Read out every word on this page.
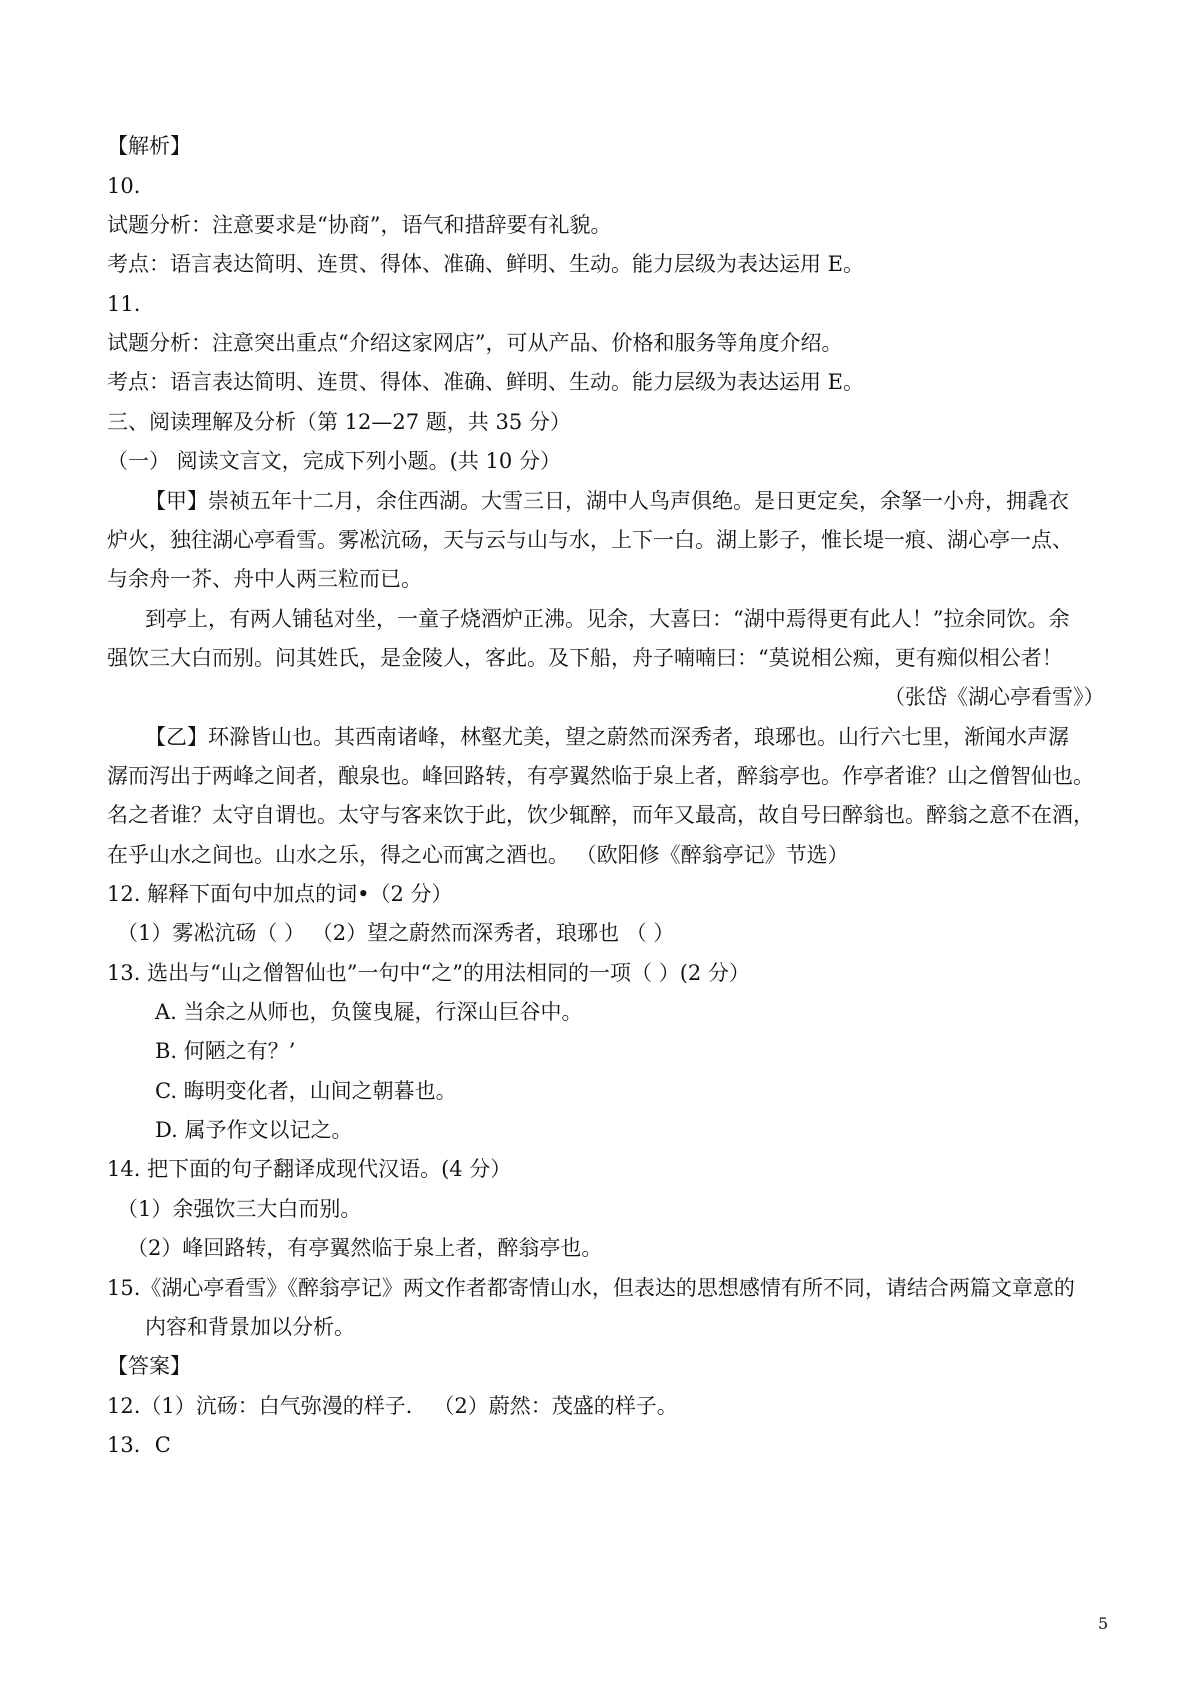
【解析】
10.
试题分析：注意要求是“协商”，语气和措辞要有礼貌。
考点：语言表达简明、连贯、得体、准确、鲜明、生动。能力层级为表达运用 E。
11.
试题分析：注意突出重点“介绍这家网店”，可从产品、价格和服务等角度介绍。
考点：语言表达简明、连贯、得体、准确、鲜明、生动。能力层级为表达运用 E。
三、阅读理解及分析（第 12—27 题，共 35 分）
（一） 阅读文言文，完成下列小题。(共 10 分）
【甲】崇祯五年十二月，余住西湖。大雪三日，湖中人鸟声俱绝。是日更定矣，余拏一小舟，拥毳衣
炉火，独往湖心亭看雪。雾凇沆砀，天与云与山与水，上下一白。湖上影子，惟长堤一痕、湖心亭一点、
与余舟一芥、舟中人两三粒而已。
到亭上，有两人铺毡对坐，一童子烧酒炉正沸。见余，大喜曰：“湖中焉得更有此人！”拉余同饮。余
强饮三大白而别。问其姓氏，是金陵人，客此。及下船，舟子喃喃曰：“莫说相公痴，更有痴似相公者！
（张岱《湖心亭看雪》）
【乙】环滁皆山也。其西南诸峰，林壑尤美，望之蔚然而深秀者，琅琊也。山行六七里，渐闻水声潺
潺而泻出于两峰之间者，酿泉也。峰回路转，有亭翼然临于泉上者，醉翁亭也。作亭者谁？山之僧智仙也。
名之者谁？太守自谓也。太守与客来饮于此，饮少辄醉，而年又最高，故自号曰醉翁也。醉翁之意不在酒，
在乎山水之间也。山水之乐，得之心而寓之酒也。 （欧阳修《醉翁亭记》节选）
12. 解释下面句中加点的词•（2 分）
（1）雾凇沆砀（ ） （2）望之蔚然而深秀者，琅琊也 （ ）
13. 选出与“山之僧智仙也”一句中“之”的用法相同的一项（ ）(2 分）
A. 当余之从师也，负箧曳屣，行深山巨谷中。
B. 何陋之有？’
C. 晦明变化者，山间之朝暮也。
D. 属予作文以记之。
14. 把下面的句子翻译成现代汉语。(4 分）
（1）余强饮三大白而别。
（2）峰回路转，有亭翼然临于泉上者，醉翁亭也。
15.《湖心亭看雪》《醉翁亭记》两文作者都寄情山水，但表达的思想感情有所不同，请结合两篇文章意的
内容和背景加以分析。
【答案】
12.（1）沆砀：白气弥漫的样子． （2）蔚然：茂盛的样子。
13．C
5
